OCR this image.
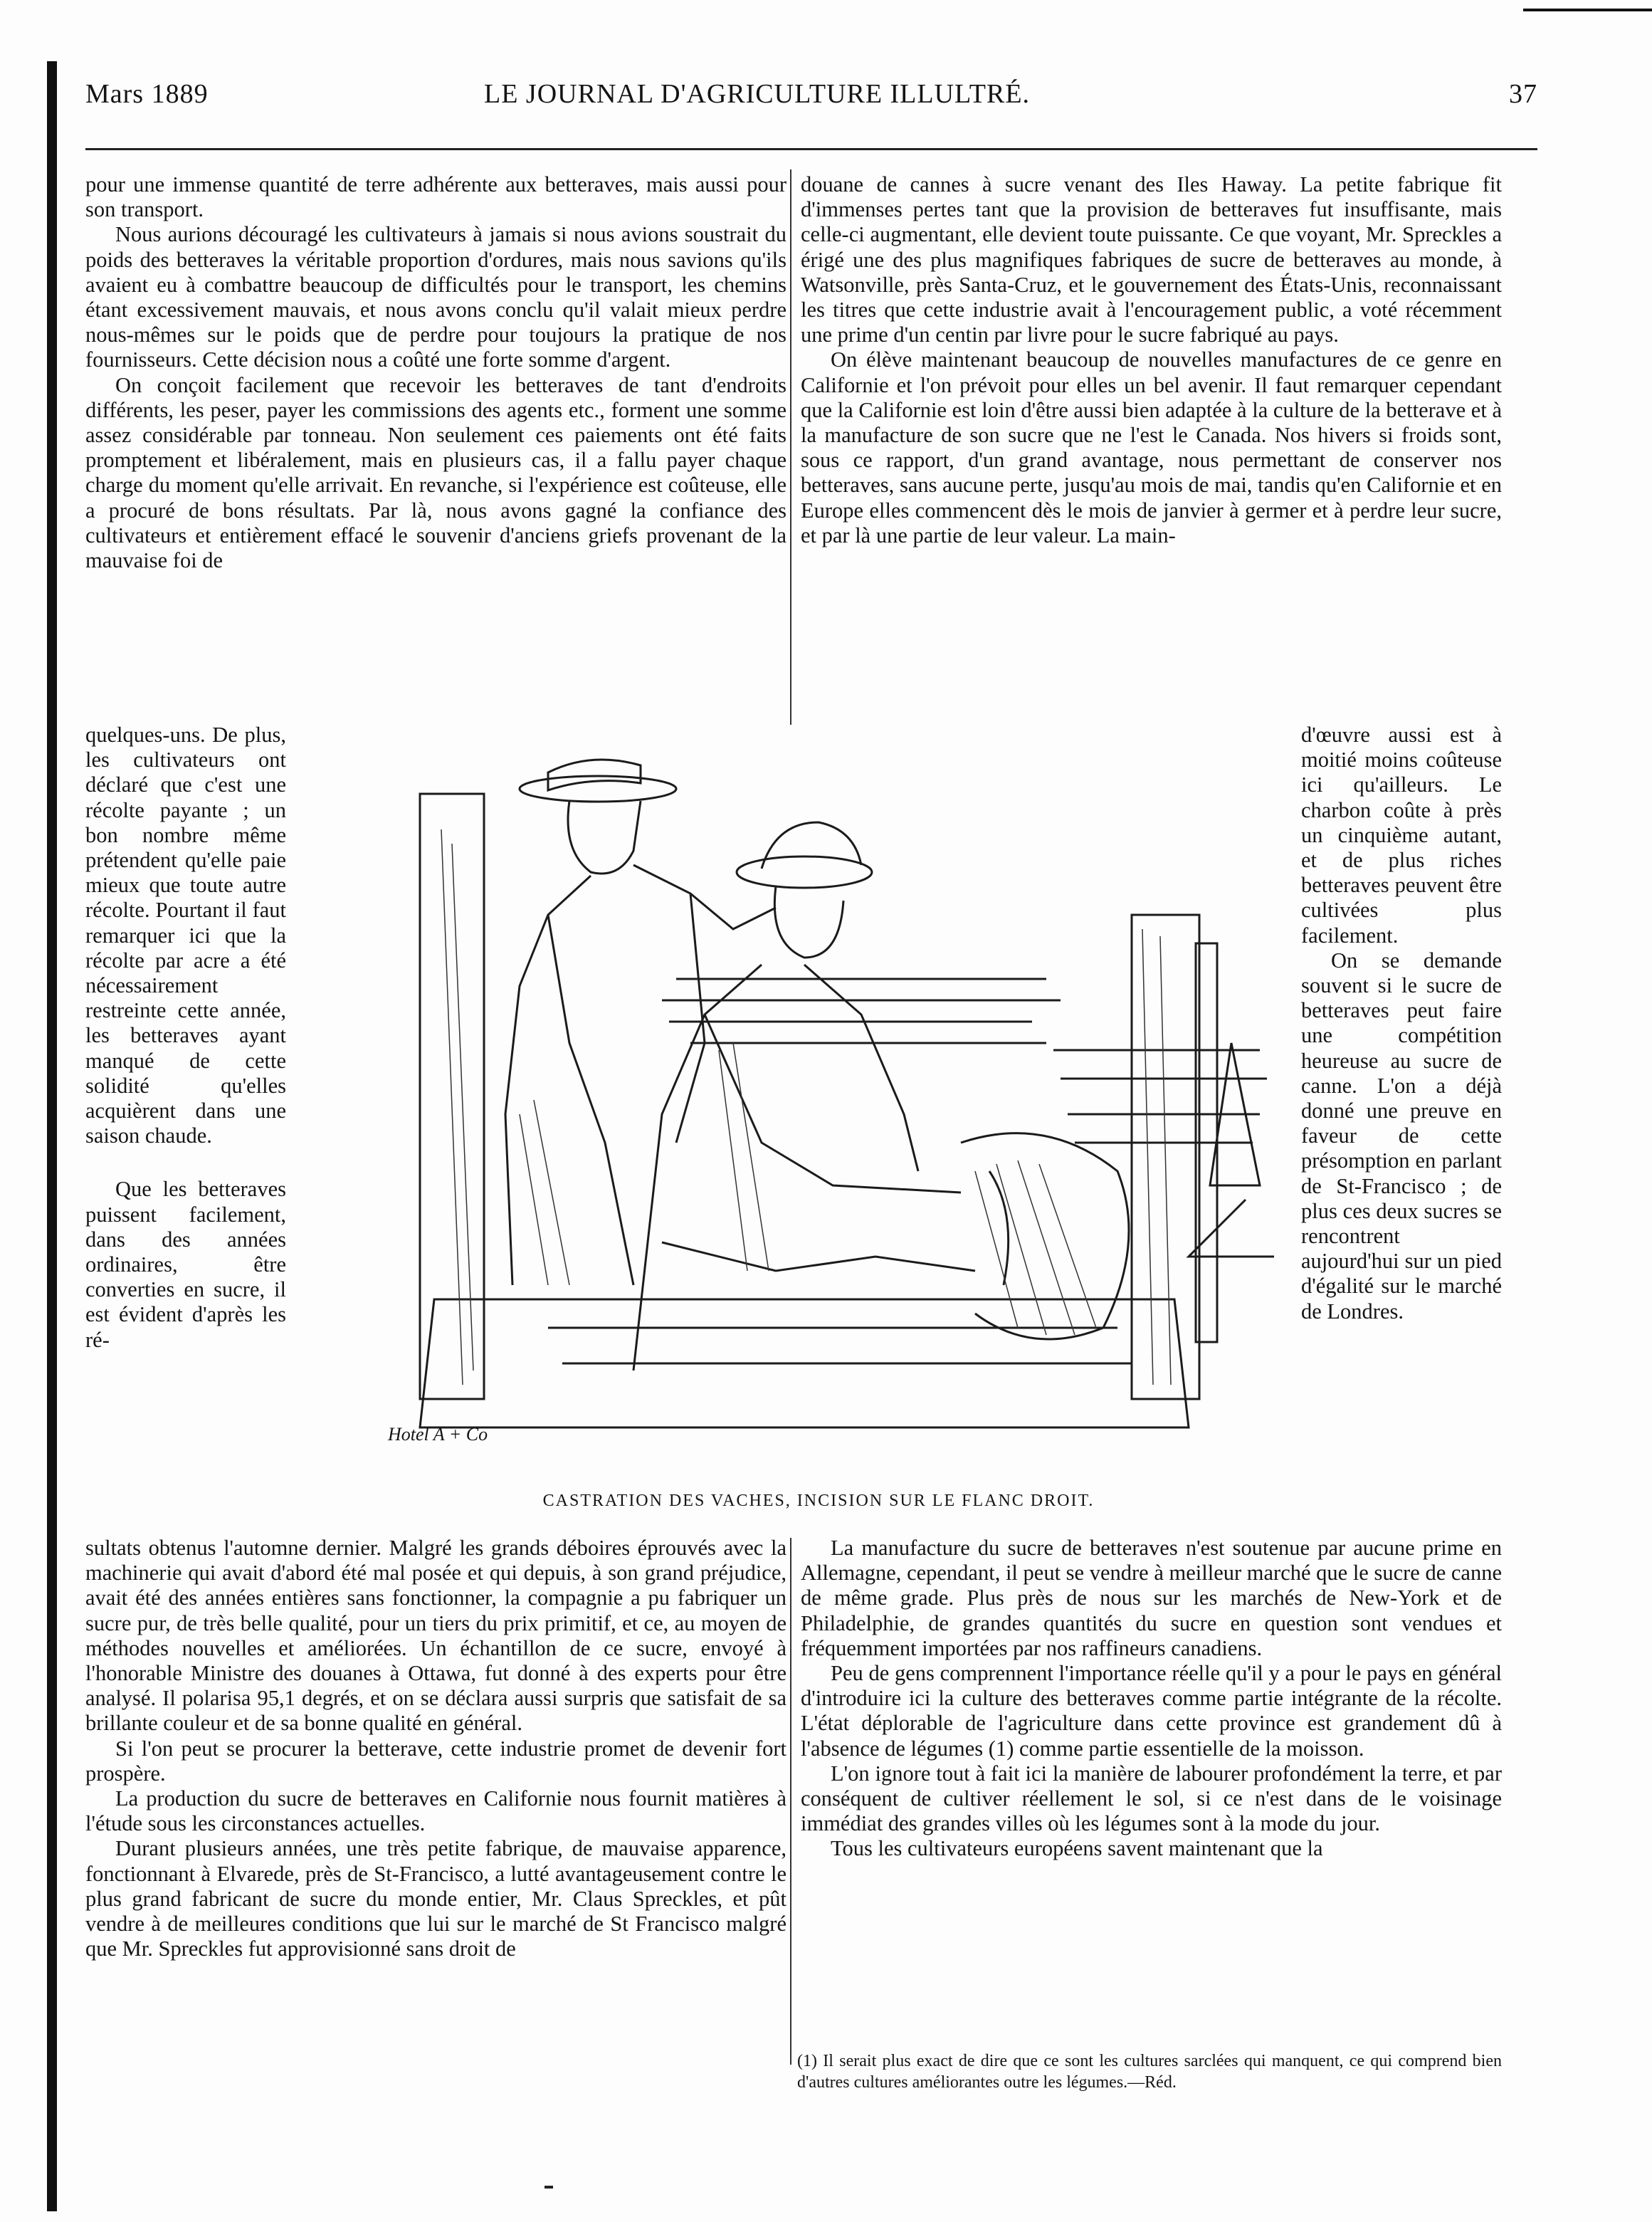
Mars 1889	LE JOURNAL D'AGRICULTURE ILLULTRÉ.	37

pour une immense quantité de terre adhérente aux betteraves, mais aussi pour son transport.

Nous aurions découragé les cultivateurs à jamais si nous avions soustrait du poids des betteraves la véritable proportion d'ordures, mais nous savions qu'ils avaient eu à combattre beaucoup de difficultés pour le transport, les chemins étant excessivement mauvais, et nous avons conclu qu'il valait mieux perdre nous-mêmes sur le poids que de perdre pour toujours la pratique de nos fournisseurs. Cette décision nous a coûté une forte somme d'argent.

On conçoit facilement que recevoir les betteraves de tant d'endroits différents, les peser, payer les commissions des agents etc., forment une somme assez considérable par tonneau. Non seulement ces paiements ont été faits promptement et libéralement, mais en plusieurs cas, il a fallu payer chaque charge du moment qu'elle arrivait. En revanche, si l'expérience est coûteuse, elle a procuré de bons résultats. Par là, nous avons gagné la confiance des cultivateurs et entièrement effacé le souvenir d'anciens griefs provenant de la mauvaise foi de

quelques-uns. De plus, les cultivateurs ont déclaré que c'est une récolte payante ; un bon nombre même prétendent qu'elle paie mieux que toute autre récolte. Pourtant il faut remarquer ici que la récolte par acre a été nécessairement restreinte cette année, les betteraves ayant manqué de cette solidité qu'elles acquièrent dans une saison chaude.

Que les betteraves puissent facilement, dans des années ordinaires, être converties en sucre, il est évident d'après les ré-

sultats obtenus l'automne dernier. Malgré les grands déboires éprouvés avec la machinerie qui avait d'abord été mal posée et qui depuis, à son grand préjudice, avait été des années entières sans fonctionner, la compagnie a pu fabriquer un sucre pur, de très belle qualité, pour un tiers du prix primitif, et ce, au moyen de méthodes nouvelles et améliorées. Un échantillon de ce sucre, envoyé à l'honorable Ministre des douanes à Ottawa, fut donné à des experts pour être analysé. Il polarisa 95,1 degrés, et on se déclara aussi surpris que satisfait de sa brillante couleur et de sa bonne qualité en général.

Si l'on peut se procurer la betterave, cette industrie promet de devenir fort prospère.

La production du sucre de betteraves en Californie nous fournit matières à l'étude sous les circonstances actuelles.

Durant plusieurs années, une très petite fabrique, de mauvaise apparence, fonctionnant à Elvarede, près de St-Francisco, a lutté avantageusement contre le plus grand fabricant de sucre du monde entier, Mr. Claus Spreckles, et pût vendre à de meilleures conditions que lui sur le marché de St Francisco malgré que Mr. Spreckles fut approvisionné sans droit de

douane de cannes à sucre venant des Iles Haway. La petite fabrique fit d'immenses pertes tant que la provision de betteraves fut insuffisante, mais celle-ci augmentant, elle devient toute puissante. Ce que voyant, Mr. Spreckles a érigé une des plus magnifiques fabriques de sucre de betteraves au monde, à Watsonville, près Santa-Cruz, et le gouvernement des États-Unis, reconnaissant les titres que cette industrie avait à l'encouragement public, a voté récemment une prime d'un centin par livre pour le sucre fabriqué au pays.

On élève maintenant beaucoup de nouvelles manufactures de ce genre en Californie et l'on prévoit pour elles un bel avenir. Il faut remarquer cependant que la Californie est loin d'être aussi bien adaptée à la culture de la betterave et à la manufacture de son sucre que ne l'est le Canada. Nos hivers si froids sont, sous ce rapport, d'un grand avantage, nous permettant de conserver nos betteraves, sans aucune perte, jusqu'au mois de mai, tandis qu'en Californie et en Europe elles commencent dès le mois de janvier à germer et à perdre leur sucre, et par là une partie de leur valeur. La main-

d'œuvre aussi est à moitié moins coûteuse ici qu'ailleurs. Le charbon coûte à près un cinquième autant, et de plus riches betteraves peuvent être cultivées plus facilement.

On se demande souvent si le sucre de betteraves peut faire une compétition heureuse au sucre de canne. L'on a déjà donné une preuve en faveur de cette présomption en parlant de St-Francisco ; de plus ces deux sucres se rencontrent aujourd'hui sur un pied d'égalité sur le marché de Londres.

La manufacture du sucre de betteraves n'est soutenue par aucune prime en Allemagne, cependant, il peut se vendre à meilleur marché que le sucre de canne de même grade. Plus près de nous sur les marchés de New-York et de Philadelphie, de grandes quantités du sucre en question sont vendues et fréquemment importées par nos raffineurs canadiens.

Peu de gens comprennent l'importance réelle qu'il y a pour le pays en général d'introduire ici la culture des betteraves comme partie intégrante de la récolte. L'état déplorable de l'agriculture dans cette province est grandement dû à l'absence de légumes (1) comme partie essentielle de la moisson.

L'on ignore tout à fait ici la manière de labourer profondément la terre, et par conséquent de cultiver réellement le sol, si ce n'est dans de le voisinage immédiat des grandes villes où les légumes sont à la mode du jour.

Tous les cultivateurs européens savent maintenant que la

Hotel A + Co
CASTRATION DES VACHES, INCISION SUR LE FLANC DROIT.
(1) Il serait plus exact de dire que ce sont les cultures sarclées qui manquent, ce qui comprend bien d'autres cultures améliorantes outre les légumes.—Réd.
